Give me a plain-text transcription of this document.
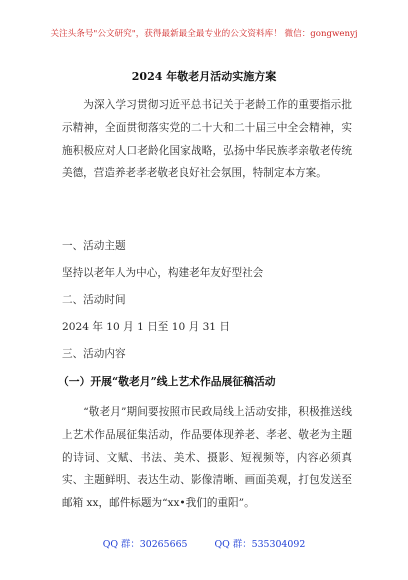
关注头条号"公文研究"，获得最新最全最专业的公文资料库！ 微信：gongwenyj
2024 年敬老月活动实施方案
为深入学习贯彻习近平总书记关于老龄工作的重要指示批示精神，全面贯彻落实党的二十大和二十届三中全会精神，实施积极应对人口老龄化国家战略，弘扬中华民族孝亲敬老传统美德，营造养老孝老敬老良好社会氛围，特制定本方案。
一、活动主题
坚持以老年人为中心，构建老年友好型社会
二、活动时间
2024 年 10 月 1 日至 10 月 31 日
三、活动内容
（一）开展“敬老月”线上艺术作品展征稿活动
“敬老月”期间要按照市民政局线上活动安排，积极推送线上艺术作品展征集活动，作品要体现养老、孝老、敬老为主题的诗词、文赋、书法、美术、摄影、短视频等，内容必须真实、主题鲜明、表达生动、影像清晰、画面美观，打包发送至邮箱 xx，邮件标题为“xx•我们的重阳”。
QQ 群：30265665	QQ 群：535304092
